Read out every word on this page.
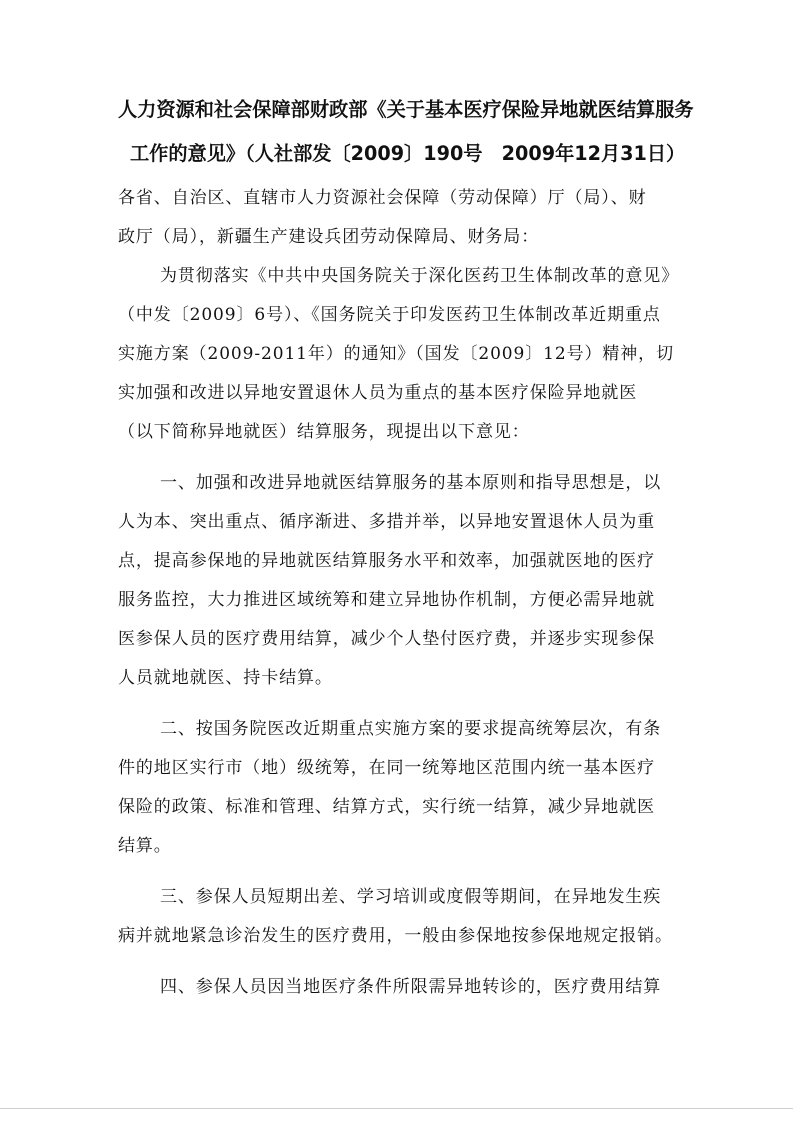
人力资源和社会保障部财政部《关于基本医疗保险异地就医结算服务
工作的意见》（人社部发〔2009〕190号　2009年12月31日）
各省、自治区、直辖市人力资源社会保障（劳动保障）厅（局）、财
政厅（局），新疆生产建设兵团劳动保障局、财务局：
为贯彻落实《中共中央国务院关于深化医药卫生体制改革的意见》
（中发〔2009〕6号）、《国务院关于印发医药卫生体制改革近期重点
实施方案（2009-2011年）的通知》（国发〔2009〕12号）精神，切
实加强和改进以异地安置退休人员为重点的基本医疗保险异地就医
（以下简称异地就医）结算服务，现提出以下意见：
一、加强和改进异地就医结算服务的基本原则和指导思想是，以
人为本、突出重点、循序渐进、多措并举，以异地安置退休人员为重
点，提高参保地的异地就医结算服务水平和效率，加强就医地的医疗
服务监控，大力推进区域统筹和建立异地协作机制，方便必需异地就
医参保人员的医疗费用结算，减少个人垫付医疗费，并逐步实现参保
人员就地就医、持卡结算。
二、按国务院医改近期重点实施方案的要求提高统筹层次，有条
件的地区实行市（地）级统筹，在同一统筹地区范围内统一基本医疗
保险的政策、标准和管理、结算方式，实行统一结算，减少异地就医
结算。
三、参保人员短期出差、学习培训或度假等期间，在异地发生疾
病并就地紧急诊治发生的医疗费用，一般由参保地按参保地规定报销。
四、参保人员因当地医疗条件所限需异地转诊的，医疗费用结算
